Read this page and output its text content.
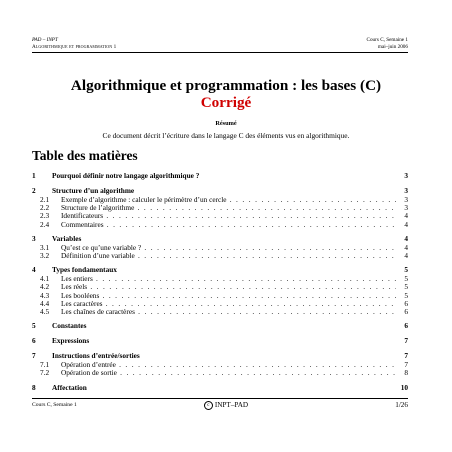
PAD – INPT	Cours C, Semaine 1
Algorithmique et programmation 1	mai–juin 2006
Algorithmique et programmation : les bases (C)
Corrigé
Résumé
Ce document décrit l’écriture dans le langage C des éléments vus en algorithmique.
Table des matières
1 Pourquoi définir notre langage algorithmique ?	3
2 Structure d’un algorithme	3
2.1 Exemple d’algorithme : calculer le périmètre d’un cercle . . .	3
2.2 Structure de l’algorithme . . .	3
2.3 Identificateurs . . .	4
2.4 Commentaires . . .	4
3 Variables	4
3.1 Qu’est ce qu’une variable ? . . .	4
3.2 Définition d’une variable . . .	4
4 Types fondamentaux	5
4.1 Les entiers . . .	5
4.2 Les réels . . .	5
4.3 Les booléens . . .	5
4.4 Les caractères . . .	6
4.5 Les chaînes de caractères . . .	6
5 Constantes	6
6 Expressions	7
7 Instructions d’entrée/sorties	7
7.1 Opération d’entrée . . .	7
7.2 Opération de sortie . . .	8
8 Affectation	10
Cours C, Semaine 1	c INPT–PAD	1/26
